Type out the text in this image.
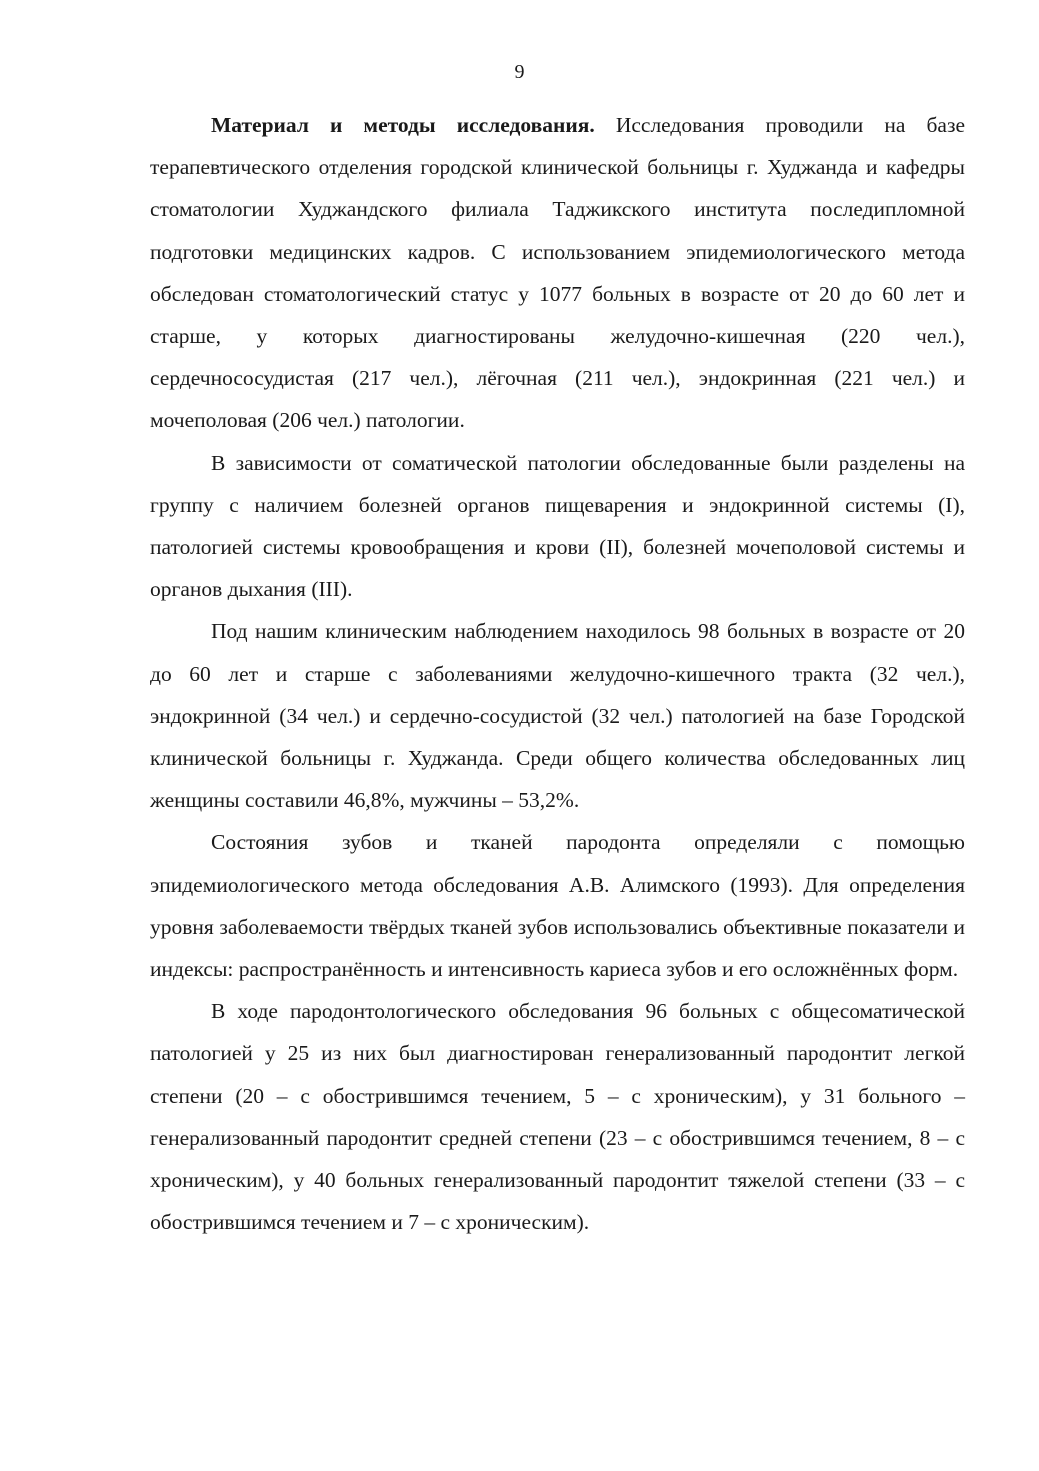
9

Материал и методы исследования. Исследования проводили на базе терапевтического отделения городской клинической больницы г. Худжанда и кафедры стоматологии Худжандского филиала Таджикского института последипломной подготовки медицинских кадров. С использованием эпидемиологического метода обследован стоматологический статус у 1077 больных в возрасте от 20 до 60 лет и старше, у которых диагностированы желудочно-кишечная (220 чел.), сердечнососудистая (217 чел.), лёгочная (211 чел.), эндокринная (221 чел.) и мочеполовая (206 чел.) патологии.

В зависимости от соматической патологии обследованные были разделены на группу с наличием болезней органов пищеварения и эндокринной системы (I), патологией системы кровообращения и крови (II), болезней мочеполовой системы и органов дыхания (III).

Под нашим клиническим наблюдением находилось 98 больных в возрасте от 20 до 60 лет и старше с заболеваниями желудочно-кишечного тракта (32 чел.), эндокринной (34 чел.) и сердечно-сосудистой (32 чел.) патологией на базе Городской клинической больницы г. Худжанда. Среди общего количества обследованных лиц женщины составили 46,8%, мужчины – 53,2%.

Состояния зубов и тканей пародонта определяли с помощью эпидемиологического метода обследования А.В. Алимского (1993). Для определения уровня заболеваемости твёрдых тканей зубов использовались объективные показатели и индексы: распространённость и интенсивность кариеса зубов и его осложнённых форм.

В ходе пародонтологического обследования 96 больных с общесоматической патологией у 25 из них был диагностирован генерализованный пародонтит легкой степени (20 – с обострившимся течением, 5 – с хроническим), у 31 больного – генерализованный пародонтит средней степени (23 – с обострившимся течением, 8 – с хроническим), у 40 больных генерализованный пародонтит тяжелой степени (33 – с обострившимся течением и 7 – с хроническим).
